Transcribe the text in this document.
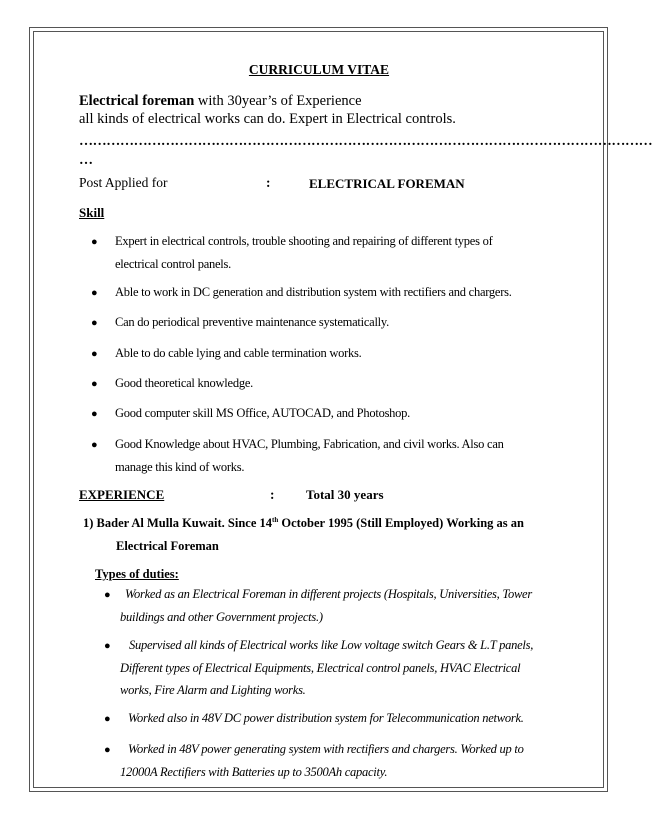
CURRICULUM VITAE
Electrical foreman with 30year’s of Experience
all kinds of electrical works can do. Expert in Electrical controls.
………………………………………………………………………………………………………………
…
Post Applied for	:	ELECTRICAL FOREMAN
Skill
● Expert in electrical controls, trouble shooting and repairing of different types of
electrical control panels.
● Able to work in DC generation and distribution system with rectifiers and chargers.
● Can do periodical preventive maintenance systematically.
● Able to do cable lying and cable termination works.
● Good theoretical knowledge.
● Good computer skill MS Office, AUTOCAD, and Photoshop.
● Good Knowledge about HVAC, Plumbing, Fabrication, and civil works. Also can
manage this kind of works.
EXPERIENCE	: Total 30 years
1) Bader Al Mulla Kuwait. Since 14th October 1995 (Still Employed) Working as an
Electrical Foreman
Types of duties:
● Worked as an Electrical Foreman in different projects (Hospitals, Universities, Tower
buildings and other Government projects.)
● Supervised all kinds of Electrical works like Low voltage switch Gears & L.T panels,
Different types of Electrical Equipments, Electrical control panels, HVAC Electrical
works, Fire Alarm and Lighting works.
● Worked also in 48V DC power distribution system for Telecommunication network.
● Worked in 48V power generating system with rectifiers and chargers. Worked up to
12000A Rectifiers with Batteries up to 3500Ah capacity.
